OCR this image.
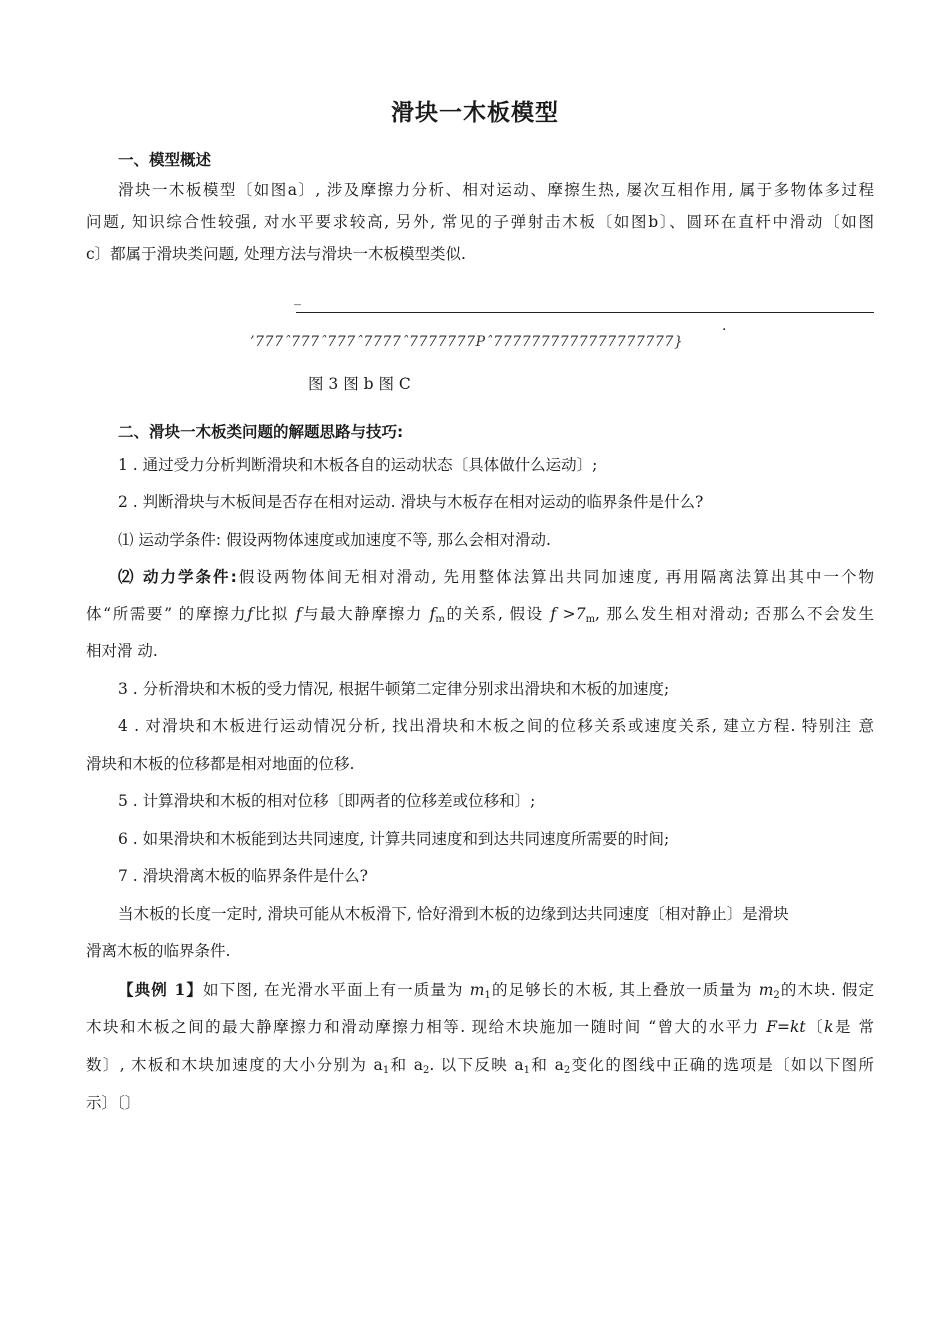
滑块一木板模型
一、模型概述
滑块一木板模型〔如图a〕, 涉及摩擦力分析、相对运动、摩擦生热, 屡次互相作用, 属于多物体多过程
问题, 知识综合性较强, 对水平要求较高, 另外, 常见的子弹射击木板〔如图b〕、圆环在直杆中滑动〔如图
c〕都属于滑块类问题, 处理方法与滑块一木板模型类似.
_
.
’777ˆ777ˆ777ˆ7777ˆ7777777Pˆ7777777777777777777}
图 3 图 b 图 C
二、滑块一木板类问题的解题思路与技巧:
1 . 通过受力分析判断滑块和木板各自的运动状态〔具体做什么运动〕;
2 . 判断滑块与木板间是否存在相对运动. 滑块与木板存在相对运动的临界条件是什么?
⑴ 运动学条件: 假设两物体速度或加速度不等, 那么会相对滑动.
⑵ 动力学条件:假设两物体间无相对滑动, 先用整体法算出共同加速度, 再用隔离法算出其中一个物
体“所需要” 的摩擦力ƒ比拟 f与最大静摩擦力 $f_m$的关系, 假设 $f >7_m$, 那么发生相对滑动; 否那么不会发生
相对滑 动.
3 . 分析滑块和木板的受力情况, 根据牛顿第二定律分别求出滑块和木板的加速度;
4 . 对滑块和木板进行运动情况分析, 找出滑块和木板之间的位移关系或速度关系, 建立方程. 特别注 意
滑块和木板的位移都是相对地面的位移.
5 . 计算滑块和木板的相对位移〔即两者的位移差或位移和〕;
6 . 如果滑块和木板能到达共同速度, 计算共同速度和到达共同速度所需要的时间;
7 . 滑块滑离木板的临界条件是什么?
当木板的长度一定时, 滑块可能从木板滑下, 恰好滑到木板的边缘到达共同速度〔相对静止〕是滑块
滑离木板的临界条件.
【典例 1】如下图, 在光滑水平面上有一质量为 $m_1$的足够长的木板, 其上叠放一质量为 $m_2$的木块. 假定
木块和木板之间的最大静摩擦力和滑动摩擦力相等. 现给木块施加一随时间 “曾大的水平力 F=kt〔k是 常
数〕, 木板和木块加速度的大小分别为 $a_1$和 $a_2$. 以下反映 $a_1$和 $a_2$变化的图线中正确的选项是〔如以下图所
示〕〔〕
